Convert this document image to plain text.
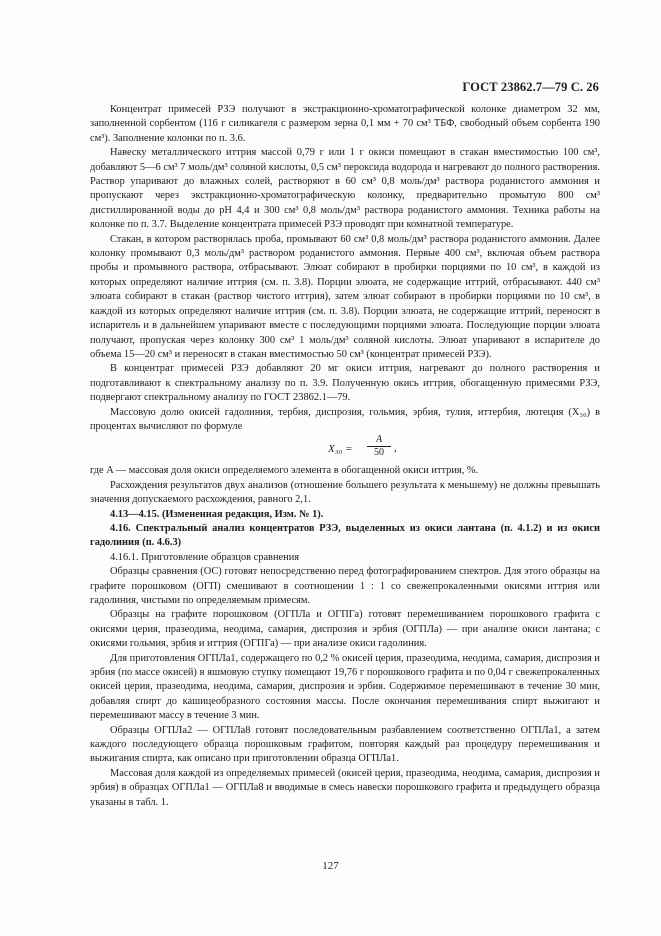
ГОСТ 23862.7—79 С. 26

Концентрат примесей РЗЭ получают в экстракционно-хроматографической колонке диаметром 32 мм, заполненной сорбентом (116 г силикагеля с размером зерна 0,1 мм + 70 см³ ТБФ, свободный объем сорбента 190 см³). Заполнение колонки по п. 3.6.

Навеску металлического иттрия массой 0,79 г или 1 г окиси помещают в стакан вместимостью 100 см³, добавляют 5—6 см³ 7 моль/дм³ соляной кислоты, 0,5 см³ пероксида водорода и нагревают до полного растворения. Раствор упаривают до влажных солей, растворяют в 60 см³ 0,8 моль/дм³ раствора роданистого аммония и пропускают через экстракционно-хроматографическую колонку, предварительно промытую 800 см³ дистиллированной воды до pH 4,4 и 300 см³ 0,8 моль/дм³ раствора роданистого аммония. Техника работы на колонке по п. 3.7. Выделение концентрата примесей РЗЭ проводят при комнатной температуре.

Стакан, в котором растворялась проба, промывают 60 см³ 0,8 моль/дм³ раствора роданистого аммония. Далее колонку промывают 0,3 моль/дм³ раствором роданистого аммония. Первые 400 см³, включая объем раствора пробы и промывного раствора, отбрасывают. Элюат собирают в пробирки порциями по 10 см³, в каждой из которых определяют наличие иттрия (см. п. 3.8). Порции элюата, не содержащие иттрий, отбрасывают. 440 см³ элюата собирают в стакан (раствор чистого иттрия), затем элюат собирают в пробирки порциями по 10 см³, в каждой из которых определяют наличие иттрия (см. п. 3.8). Порции элюата, не содержащие иттрий, переносят в испаритель и в дальнейшем упаривают вместе с последующими порциями элюата. Последующие порции элюата получают, пропуская через колонку 300 см³ 1 моль/дм³ соляной кислоты. Элюат упаривают в испарителе до объема 15—20 см³ и переносят в стакан вместимостью 50 см³ (концентрат примесей РЗЭ).

В концентрат примесей РЗЭ добавляют 20 мг окиси иттрия, нагревают до полного растворения и подготавливают к спектральному анализу по п. 3.9. Полученную окись иттрия, обогащенную примесями РЗЭ, подвергают спектральному анализу по ГОСТ 23862.1—79.

Массовую долю окисей гадолиния, тербия, диспрозия, гольмия, эрбия, тулия, иттербия, лютеция (X₃₀) в процентах вычисляют по формуле

$X_{30} = \frac{A}{50}$ ,

где A — массовая доля окиси определяемого элемента в обогащенной окиси иттрия, %.

Расхождения результатов двух анализов (отношение большего результата к меньшему) не должны превышать значения допускаемого расхождения, равного 2,1.

4.13—4.15. (Измененная редакция, Изм. № 1).

4.16. Спектральный анализ концентратов РЗЭ, выделенных из окиси лантана (п. 4.1.2) и из окиси гадолиния (п. 4.6.3)

4.16.1. Приготовление образцов сравнения

Образцы сравнения (ОС) готовят непосредственно перед фотографированием спектров. Для этого образцы на графите порошковом (ОГП) смешивают в соотношении 1 : 1 со свежепрокаленными окисями иттрия или гадолиния, чистыми по определяемым примесям.

Образцы на графите порошковом (ОГПЛа и ОГПГа) готовят перемешиванием порошкового графита с окисями церия, празеодима, неодима, самария, диспрозия и эрбия (ОГПЛа) — при анализе окиси лантана; с окисями гольмия, эрбия и иттрия (ОГПГа) — при анализе окиси гадолиния.

Для приготовления ОГПЛа1, содержащего по 0,2 % окисей церия, празеодима, неодима, самария, диспрозия и эрбия (по массе окисей) в яшмовую ступку помещают 19,76 г порошкового графита и по 0,04 г свежепрокаленных окисей церия, празеодима, неодима, самария, диспрозия и эрбия. Содержимое перемешивают в течение 30 мин, добавляя спирт до кашицеобразного состояния массы. После окончания перемешивания спирт выжигают и перемешивают массу в течение 3 мин.

Образцы ОГПЛа2 — ОГПЛа8 готовят последовательным разбавлением соответственно ОГПЛа1, а затем каждого последующего образца порошковым графитом, повторяя каждый раз процедуру перемешивания и выжигания спирта, как описано при приготовлении образца ОГПЛа1.

Массовая доля каждой из определяемых примесей (окисей церия, празеодима, неодима, самария, диспрозия и эрбия) в образцах ОГПЛа1 — ОГПЛа8 и вводимые в смесь навески порошкового графита и предыдущего образца указаны в табл. 1.

127
